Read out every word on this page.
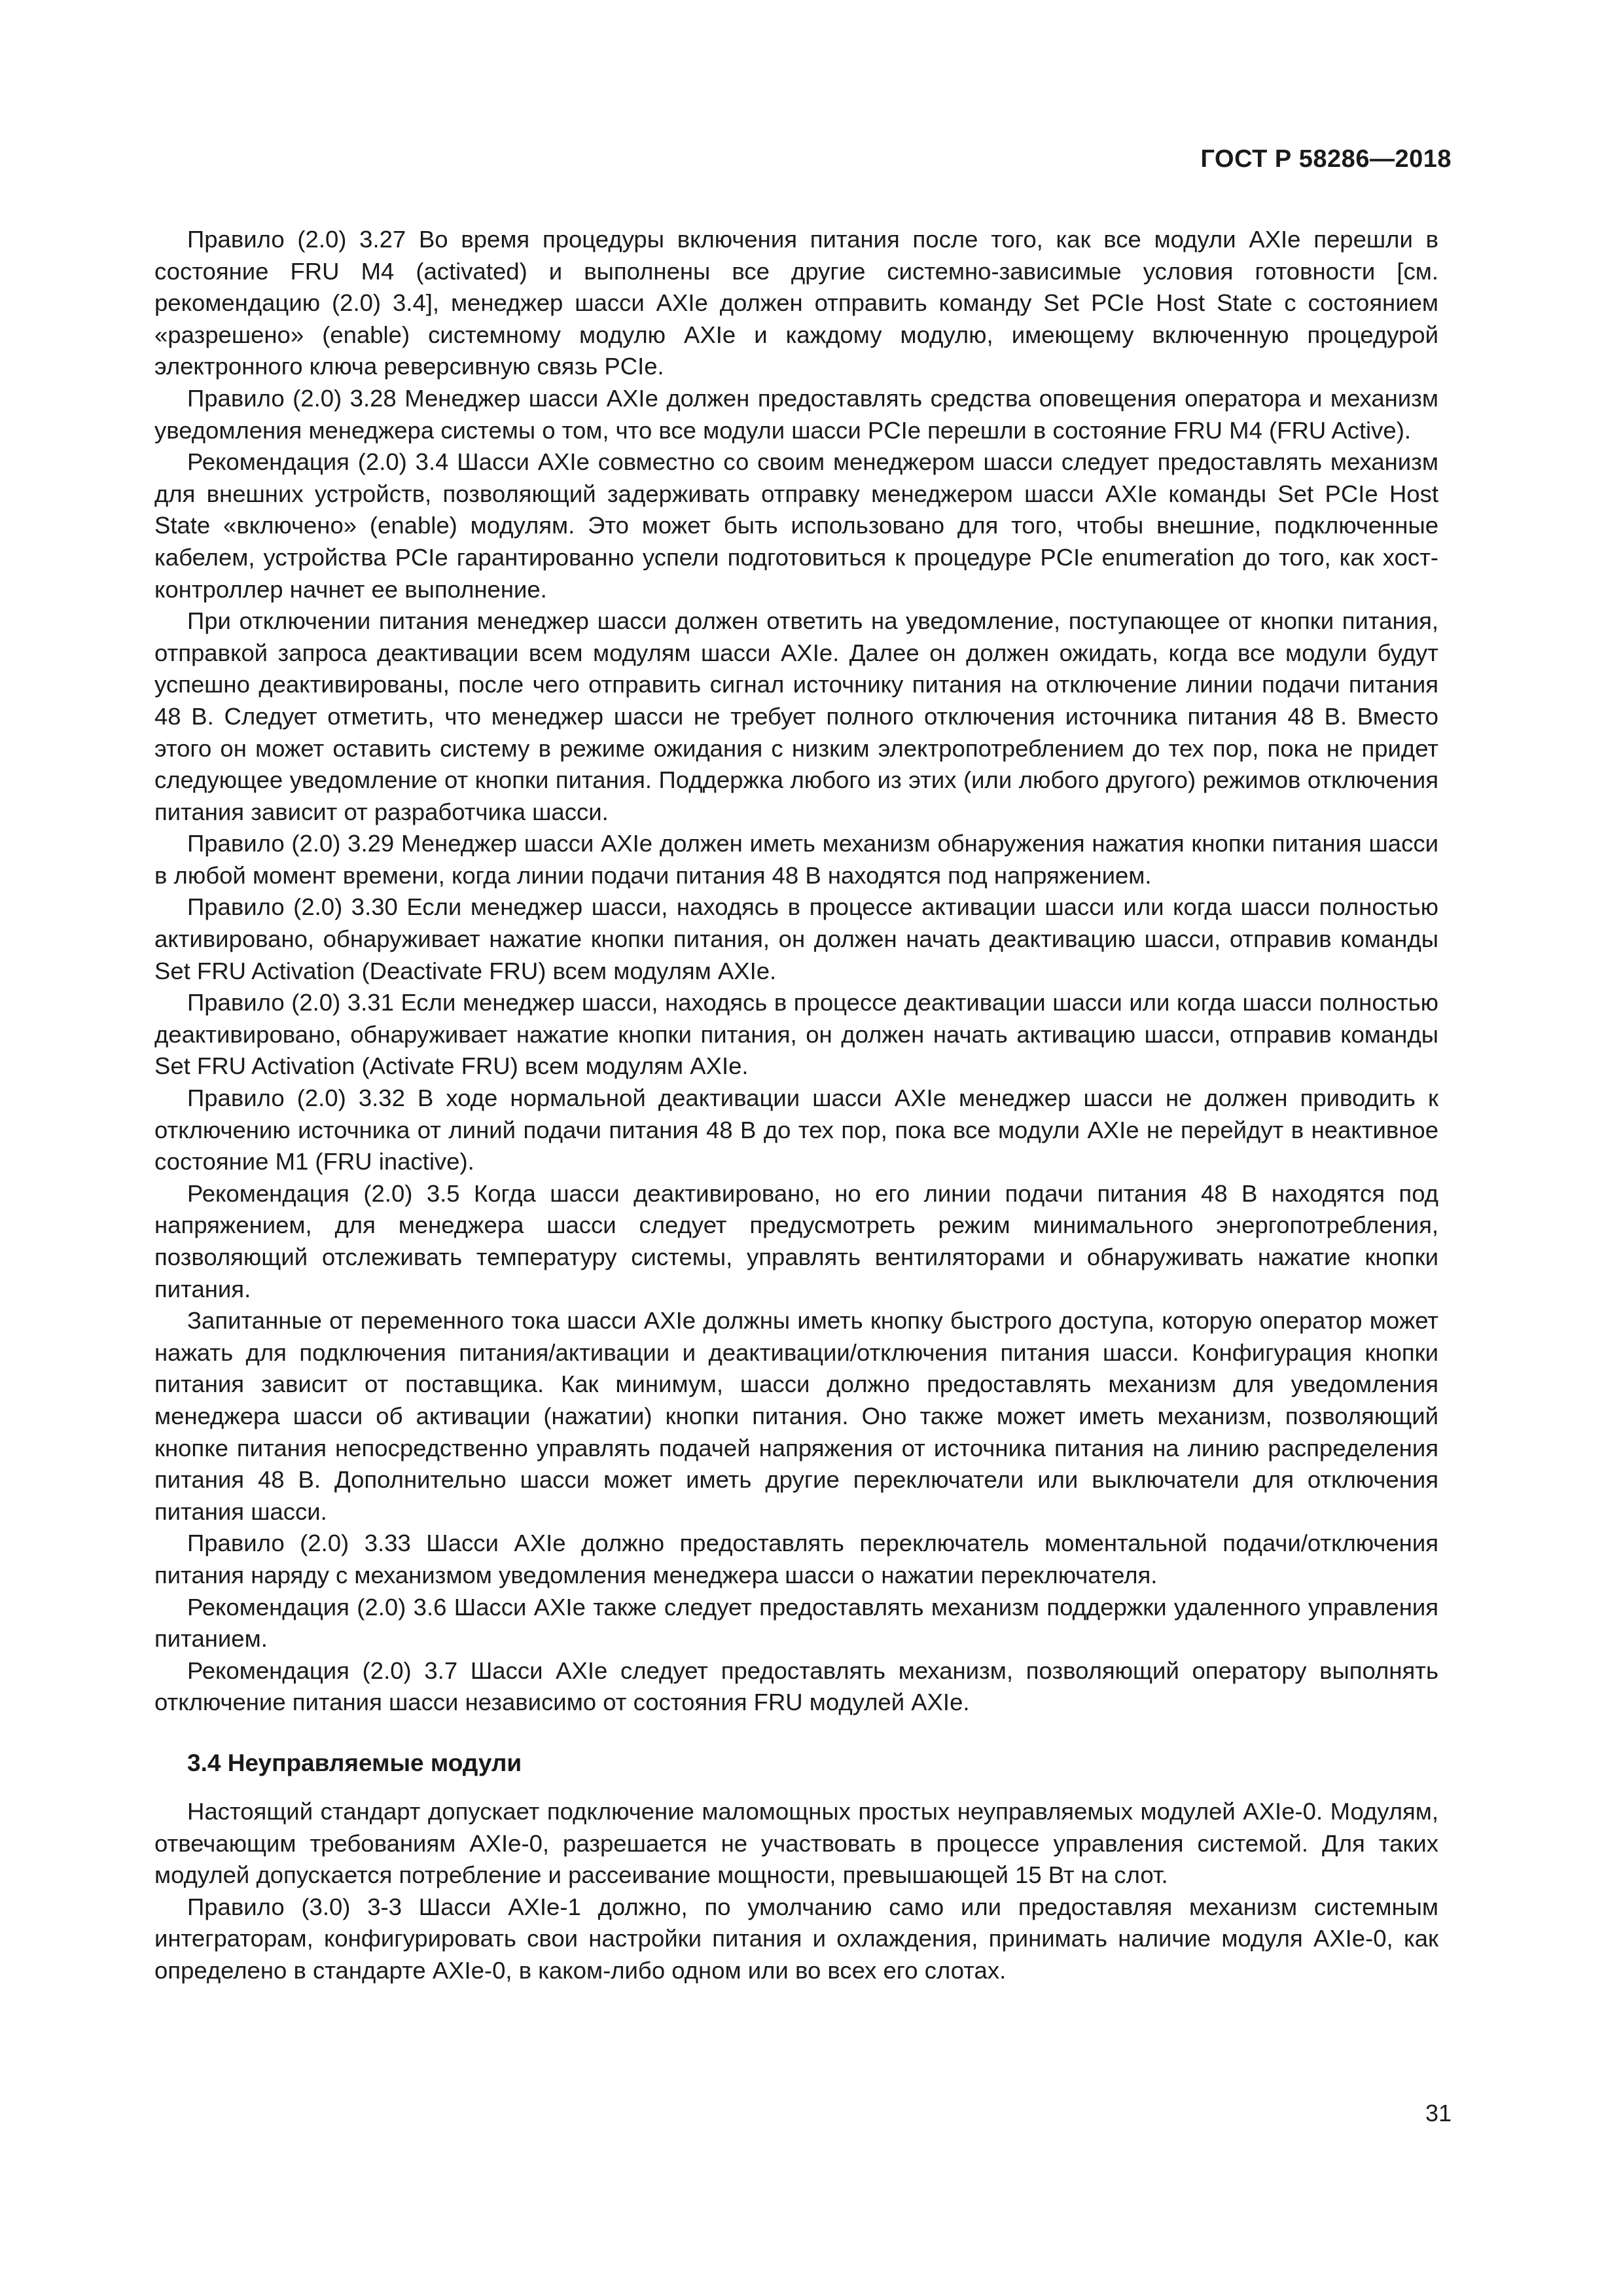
ГОСТ Р 58286—2018

Правило (2.0) 3.27 Во время процедуры включения питания после того, как все модули AXIe перешли в состояние FRU M4 (activated) и выполнены все другие системно-зависимые условия готовности [см. рекомендацию (2.0) 3.4], менеджер шасси AXIe должен отправить команду Set PCIe Host State с состоянием «разрешено» (enable) системному модулю AXIe и каждому модулю, имеющему включенную процедурой электронного ключа реверсивную связь PCIe.

Правило (2.0) 3.28 Менеджер шасси AXIe должен предоставлять средства оповещения оператора и механизм уведомления менеджера системы о том, что все модули шасси PCIe перешли в состояние FRU M4 (FRU Active).

Рекомендация (2.0) 3.4 Шасси AXIe совместно со своим менеджером шасси следует предоставлять механизм для внешних устройств, позволяющий задерживать отправку менеджером шасси AXIe команды Set PCIe Host State «включено» (enable) модулям. Это может быть использовано для того, чтобы внешние, подключенные кабелем, устройства PCIe гарантированно успели подготовиться к процедуре PCIe enumeration до того, как хост-контроллер начнет ее выполнение.

При отключении питания менеджер шасси должен ответить на уведомление, поступающее от кнопки питания, отправкой запроса деактивации всем модулям шасси AXIe. Далее он должен ожидать, когда все модули будут успешно деактивированы, после чего отправить сигнал источнику питания на отключение линии подачи питания 48 В. Следует отметить, что менеджер шасси не требует полного отключения источника питания 48 В. Вместо этого он может оставить систему в режиме ожидания с низким электропотреблением до тех пор, пока не придет следующее уведомление от кнопки питания. Поддержка любого из этих (или любого другого) режимов отключения питания зависит от разработчика шасси.

Правило (2.0) 3.29 Менеджер шасси AXIe должен иметь механизм обнаружения нажатия кнопки питания шасси в любой момент времени, когда линии подачи питания 48 В находятся под напряжением.

Правило (2.0) 3.30 Если менеджер шасси, находясь в процессе активации шасси или когда шасси полностью активировано, обнаруживает нажатие кнопки питания, он должен начать деактивацию шасси, отправив команды Set FRU Activation (Deactivate FRU) всем модулям AXIe.

Правило (2.0) 3.31 Если менеджер шасси, находясь в процессе деактивации шасси или когда шасси полностью деактивировано, обнаруживает нажатие кнопки питания, он должен начать активацию шасси, отправив команды Set FRU Activation (Activate FRU) всем модулям AXIe.

Правило (2.0) 3.32 В ходе нормальной деактивации шасси AXIe менеджер шасси не должен приводить к отключению источника от линий подачи питания 48 В до тех пор, пока все модули AXIe не перейдут в неактивное состояние M1 (FRU inactive).

Рекомендация (2.0) 3.5 Когда шасси деактивировано, но его линии подачи питания 48 В находятся под напряжением, для менеджера шасси следует предусмотреть режим минимального энергопотребления, позволяющий отслеживать температуру системы, управлять вентиляторами и обнаруживать нажатие кнопки питания.

Запитанные от переменного тока шасси AXIe должны иметь кнопку быстрого доступа, которую оператор может нажать для подключения питания/активации и деактивации/отключения питания шасси. Конфигурация кнопки питания зависит от поставщика. Как минимум, шасси должно предоставлять механизм для уведомления менеджера шасси об активации (нажатии) кнопки питания. Оно также может иметь механизм, позволяющий кнопке питания непосредственно управлять подачей напряжения от источника питания на линию распределения питания 48 В. Дополнительно шасси может иметь другие переключатели или выключатели для отключения питания шасси.

Правило (2.0) 3.33 Шасси AXIe должно предоставлять переключатель моментальной подачи/отключения питания наряду с механизмом уведомления менеджера шасси о нажатии переключателя.

Рекомендация (2.0) 3.6 Шасси AXIe также следует предоставлять механизм поддержки удаленного управления питанием.

Рекомендация (2.0) 3.7 Шасси AXIe следует предоставлять механизм, позволяющий оператору выполнять отключение питания шасси независимо от состояния FRU модулей AXIe.

3.4 Неуправляемые модули

Настоящий стандарт допускает подключение маломощных простых неуправляемых модулей AXIe-0. Модулям, отвечающим требованиям AXIe-0, разрешается не участвовать в процессе управления системой. Для таких модулей допускается потребление и рассеивание мощности, превышающей 15 Вт на слот.

Правило (3.0) 3-3 Шасси AXIe-1 должно, по умолчанию само или предоставляя механизм системным интеграторам, конфигурировать свои настройки питания и охлаждения, принимать наличие модуля AXIe-0, как определено в стандарте AXIe-0, в каком-либо одном или во всех его слотах.

31
